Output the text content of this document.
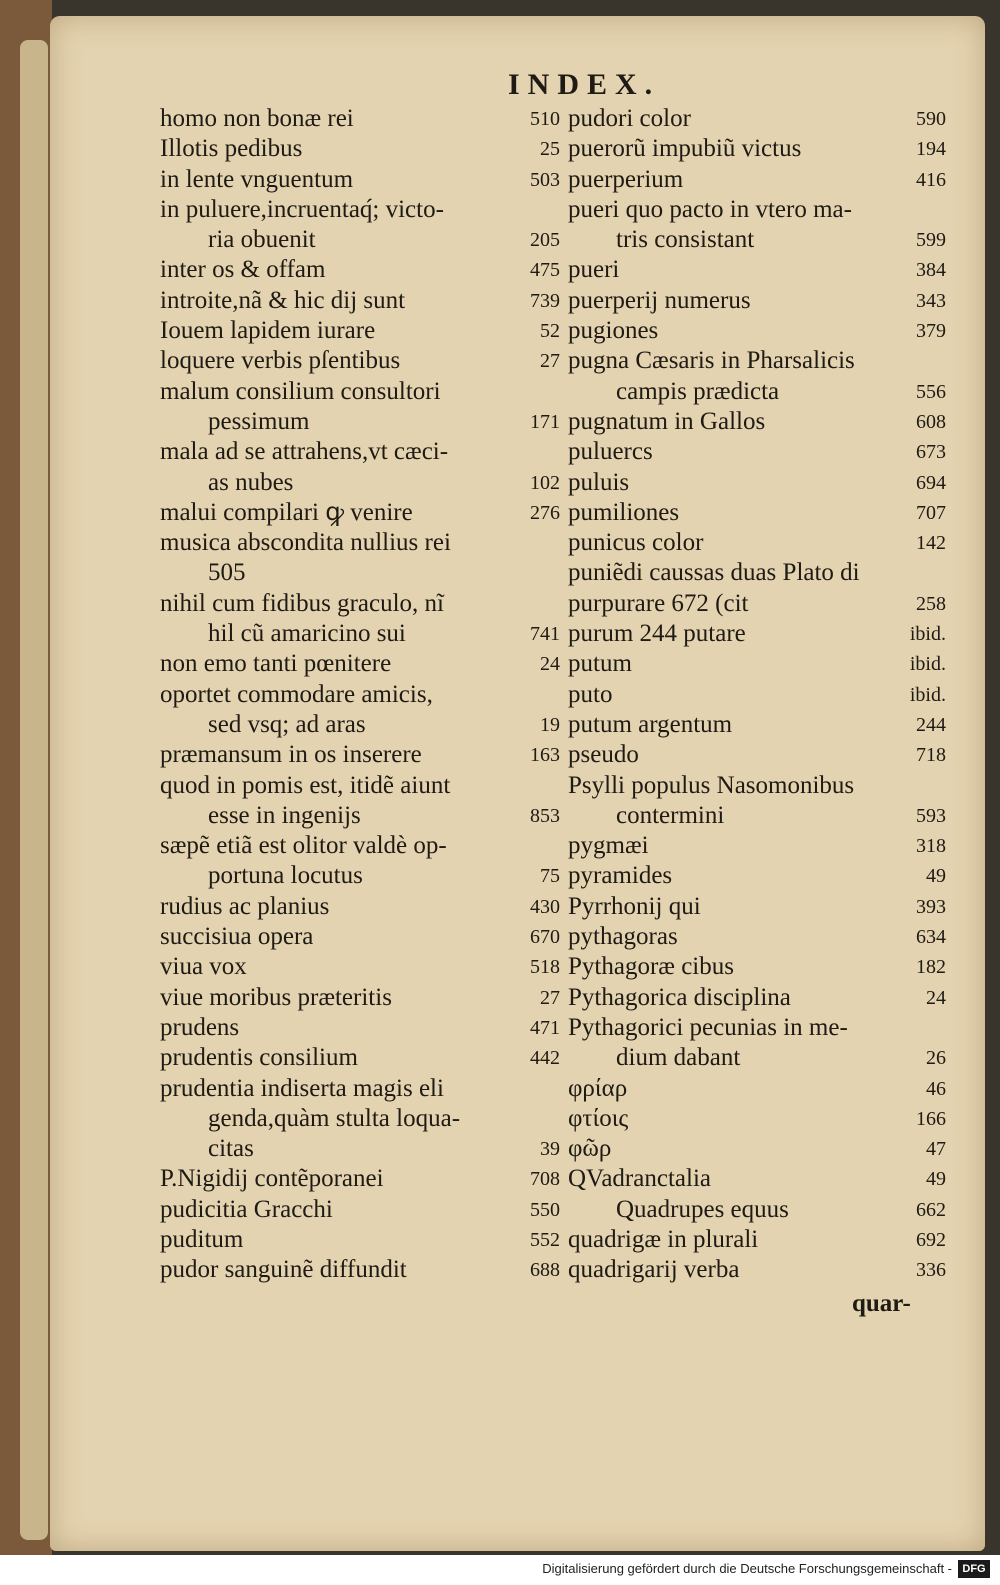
INDEX.
homo non bonæ rei	510
Illotis pedibus	25
in lente vnguentum	503
in puluere,incruentaq́; victo-
ria obuenit	205
inter os & offam	475
introite,nã & hic dij sunt	739
Iouem lapidem iurare	52
loquere verbis pſentibus	27
malum consilium consultori
pessimum	171
mala ad se attrahens,vt cæci-
as nubes	102
malui compilari ꝙ venire	276
musica abscondita nullius rei
505
nihil cum fidibus graculo, nĩ
hil cũ amaricino sui	741
non emo tanti pœnitere	24
oportet commodare amicis,
sed vsq; ad aras	19
præmansum in os inserere	163
quod in pomis est, itidẽ aiunt
esse in ingenijs	853
sæpẽ etiã est olitor valdè op-
portuna locutus	75
rudius ac planius	430
succisiua opera	670
viua vox	518
viue moribus præteritis	27
prudens	471
prudentis consilium	442
prudentia indiserta magis eli
genda,quàm stulta loqua-
citas	39
P.Nigidij contẽporanei	708
pudicitia Gracchi	550
puditum	552
pudor sanguinẽ diffundit	688
pudori color	590
puerorũ impubiũ victus	194
puerperium	416
pueri quo pacto in vtero ma-
tris consistant	599
pueri	384
puerperij numerus	343
pugiones	379
pugna Cæsaris in Pharsalicis
campis prædicta	556
pugnatum in Gallos	608
puluercs	673
puluis	694
pumiliones	707
punicus color	142
puniẽdi caussas duas Plato di
purpurare 672 (cit	258
purum 244 putare	ibid.
putum	ibid.
puto	ibid.
putum argentum	244
pseudo	718
Psylli populus Nasomonibus
contermini	593
pygmæi	318
pyramides	49
Pyrrhonij qui	393
pythagoras	634
Pythagoræ cibus	182
Pythagorica disciplina	24
Pythagorici pecunias in me-
dium dabant	26
φρίαρ	46
φτίοις	166
φῶρ	47
QVadranctalia	49
Quadrupes equus	662
quadrigæ in plurali	692
quadrigarij verba	336
quar-
Digitalisierung gefördert durch die Deutsche Forschungsgemeinschaft - DFG
